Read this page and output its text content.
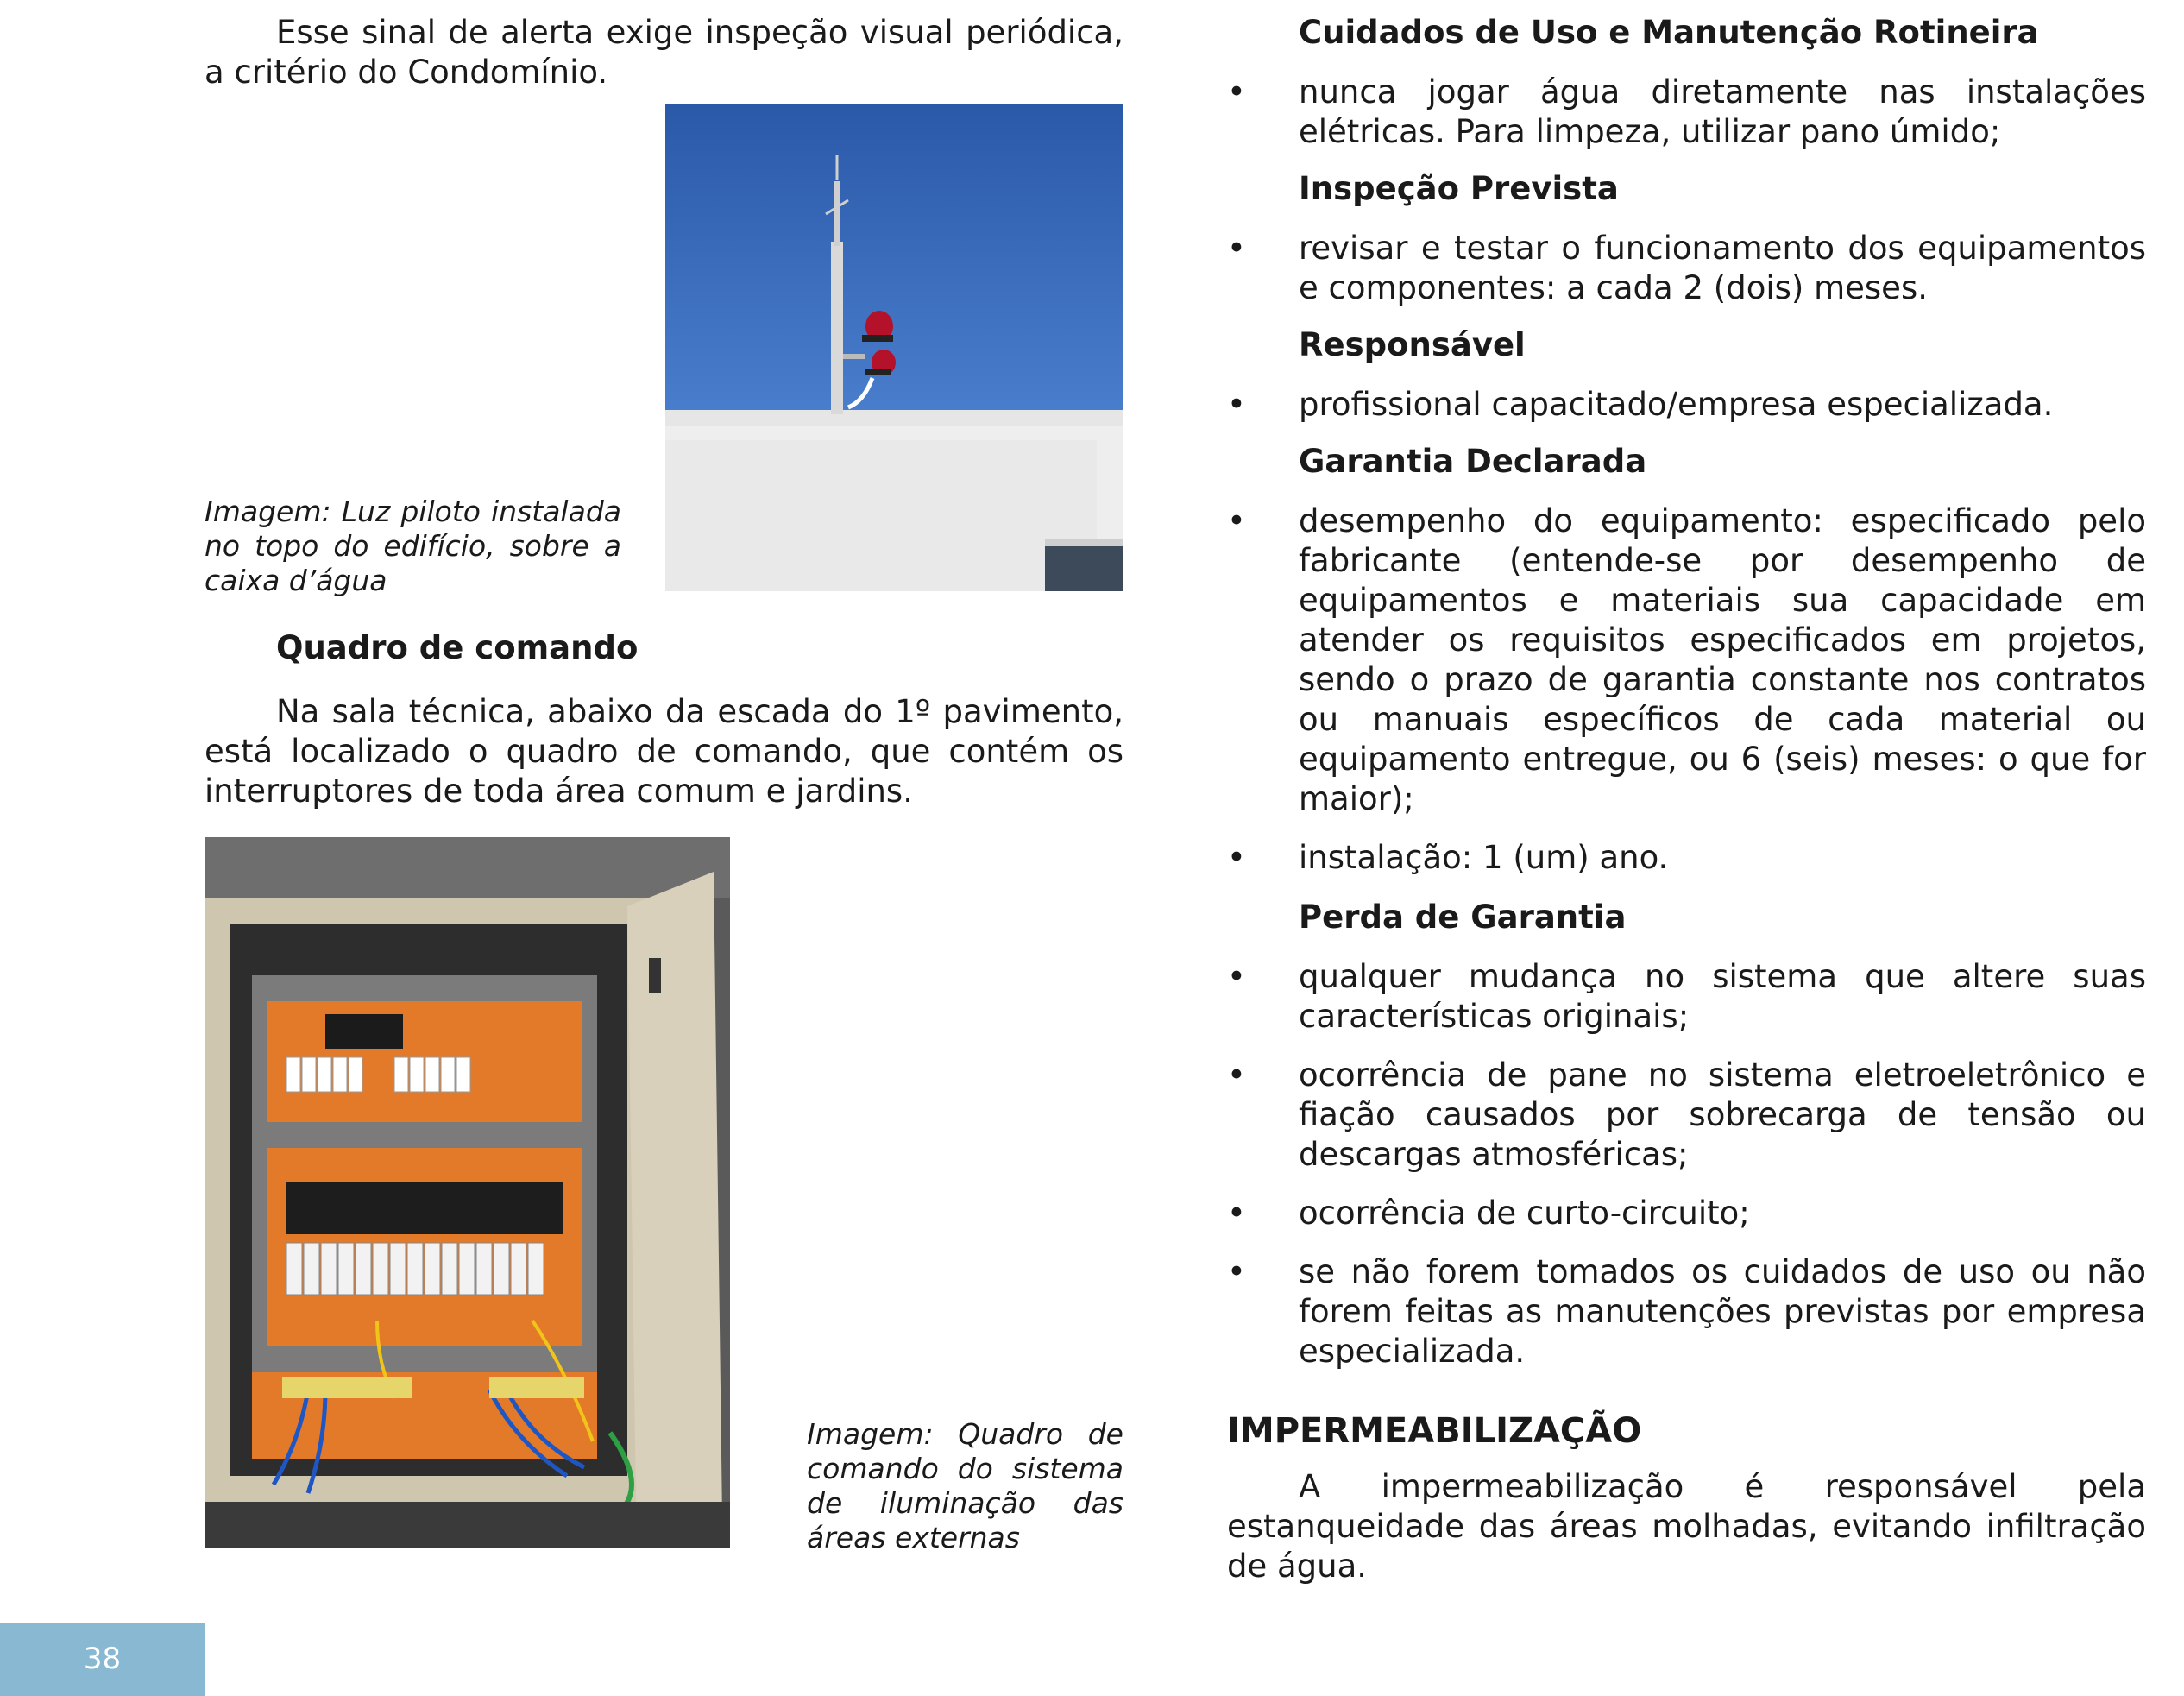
Esse sinal de alerta exige inspeção visual periódica, a critério do Condomínio.

Imagem: Luz piloto instalada
no topo do edifício, sobre a
caixa d’água

Quadro de comando

Na sala técnica, abaixo da escada do 1º pavimento, está localizado o quadro de comando, que contém os interruptores de toda área comum e jardins.

Imagem: Quadro de
comando do sistema
de iluminação das
áreas externas

Cuidados de Uso e Manutenção Rotineira

•	nunca jogar água diretamente nas instalações elétricas. Para limpeza, utilizar pano úmido;

Inspeção Prevista

•	revisar e testar o funcionamento dos equipamentos e componentes: a cada 2 (dois) meses.

Responsável

•	profissional capacitado/empresa especializada.

Garantia Declarada

•	desempenho do equipamento: especificado pelo fabricante (entende-se por desempenho de equipamentos e materiais sua capacidade em atender os requisitos especificados em projetos, sendo o prazo de garantia constante nos contratos ou manuais específicos de cada material ou equipamento entregue, ou 6 (seis) meses: o que for maior);
•	instalação: 1 (um) ano.

Perda de Garantia

•	qualquer mudança no sistema que altere suas características originais;
•	ocorrência de pane no sistema eletroeletrônico e fiação causados por sobrecarga de tensão ou descargas atmosféricas;
•	ocorrência de curto-circuito;
•	se não forem tomados os cuidados de uso ou não forem feitas as manutenções previstas por empresa especializada.

IMPERMEABILIZAÇÃO

A impermeabilização é responsável pela estanqueidade das áreas molhadas, evitando infiltração de água.

38
